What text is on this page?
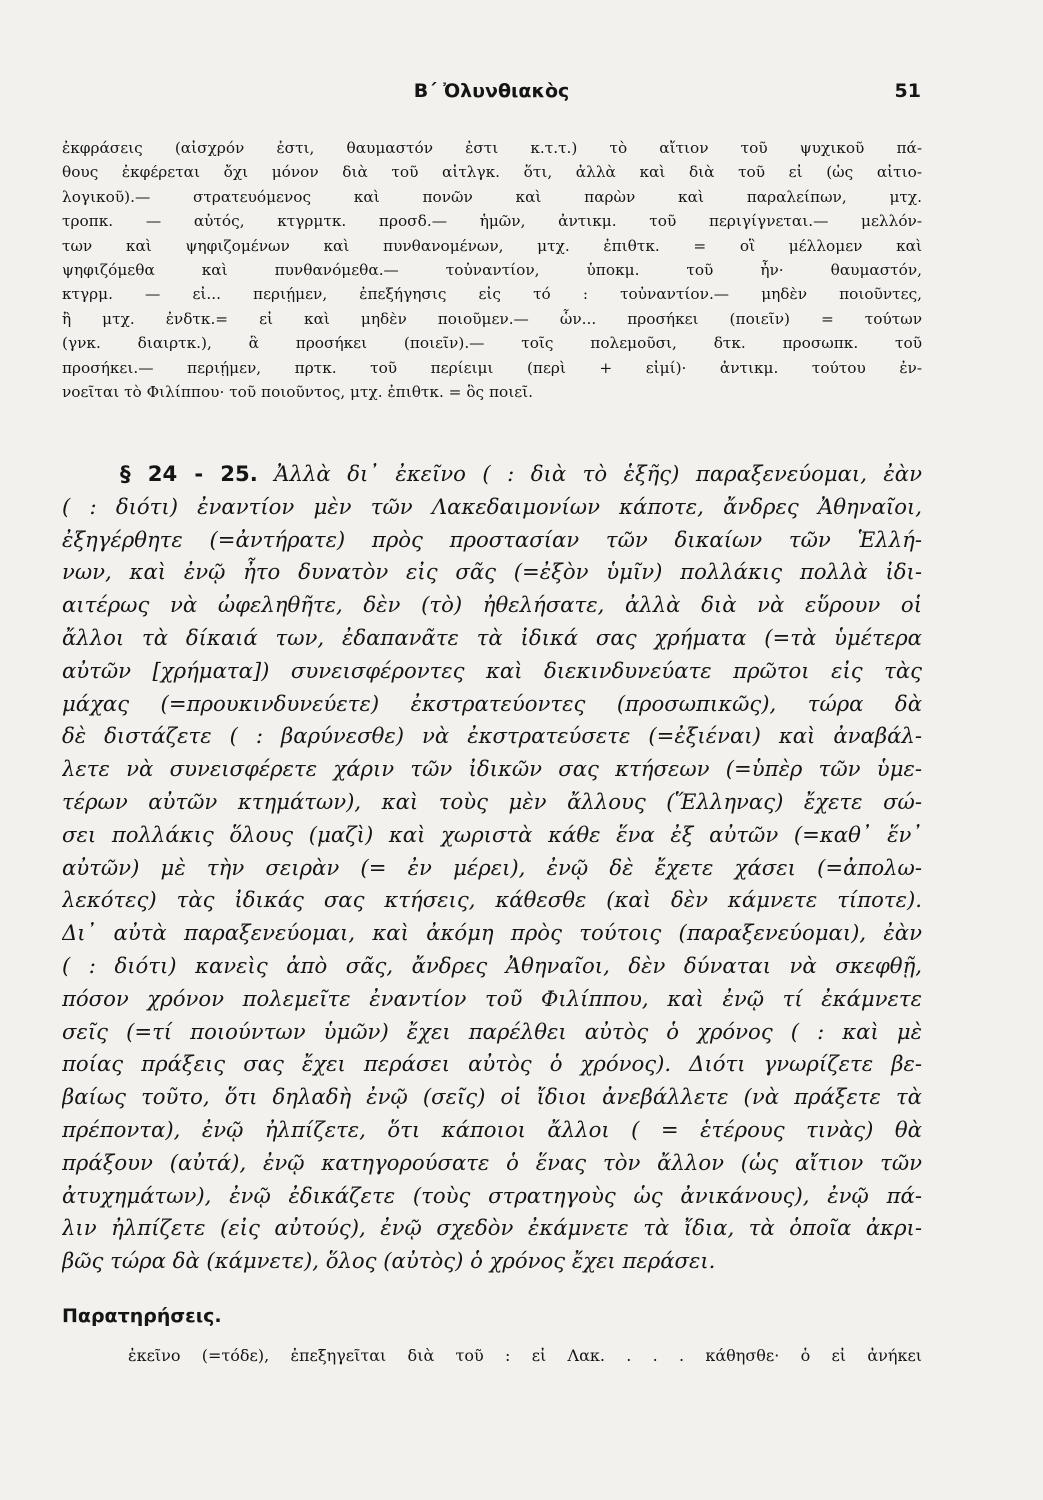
Β΄ Ὀλυνθιακὸς	51
ἐκφράσεις (αἰσχρόν ἐστι, θαυμαστόν ἐστι κ.τ.τ.) τὸ αἴτιον τοῦ ψυχικοῦ πά-
θους ἐκφέρεται ὄχι μόνον διὰ τοῦ αἰτλγκ. ὅτι, ἀλλὰ καὶ διὰ τοῦ εἰ (ὡς αἰτιο-
λογικοῦ).— στρατευόμενος καὶ πονῶν καὶ παρὼν καὶ παραλείπων, μτχ.
τροπκ. — αὐτός, κτγρμτκ. προσδ.— ἡμῶν, ἀντικμ. τοῦ περιγίγνεται.— μελλόν-
των καὶ ψηφιζομένων καὶ πυνθανομένων, μτχ. ἐπιθτκ. = οἳ μέλλομεν καὶ
ψηφιζόμεθα καὶ πυνθανόμεθα.— τοὐναντίον, ὑποκμ. τοῦ ἦν· θαυμαστόν,
κτγρμ. — εἰ... περιῄμεν, ἐπεξήγησις εἰς τό : τοὐναντίον.— μηδὲν ποιοῦντες,
ἢ μτχ. ἐνδτκ.= εἰ καὶ μηδὲν ποιοῦμεν.— ὧν... προσήκει (ποιεῖν) = τούτων
(γνκ. διαιρτκ.), ἃ προσήκει (ποιεῖν).— τοῖς πολεμοῦσι, δτκ. προσωπκ. τοῦ
προσήκει.— περιῄμεν, πρτκ. τοῦ περίειμι (περὶ + εἰμί)· ἀντικμ. τούτου ἐν-
νοεῖται τὸ Φιλίππου· τοῦ ποιοῦντος, μτχ. ἐπιθτκ. = ὃς ποιεῖ.
§ 24 - 25. Ἀλλὰ δι᾽ ἐκεῖνο ( : διὰ τὸ ἑξῆς) παραξενεύομαι, ἐὰν
( : διότι) ἐναντίον μὲν τῶν Λακεδαιμονίων κάποτε, ἄνδρες Ἀθηναῖοι,
ἐξηγέρθητε (=ἀντήρατε) πρὸς προστασίαν τῶν δικαίων τῶν Ἑλλή-
νων, καὶ ἐνῷ ἦτο δυνατὸν εἰς σᾶς (=ἐξὸν ὑμῖν) πολλάκις πολλὰ ἰδι-
αιτέρως νὰ ὠφεληθῆτε, δὲν (τὸ) ἠθελήσατε, ἀλλὰ διὰ νὰ εὕρουν οἱ
ἄλλοι τὰ δίκαιά των, ἐδαπανᾶτε τὰ ἰδικά σας χρήματα (=τὰ ὑμέτερα
αὐτῶν [χρήματα]) συνεισφέροντες καὶ διεκινδυνεύατε πρῶτοι εἰς τὰς
μάχας (=προυκινδυνεύετε) ἐκστρατεύοντες (προσωπικῶς), τώρα δὰ
δὲ διστάζετε ( : βαρύνεσθε) νὰ ἐκστρατεύσετε (=ἐξιέναι) καὶ ἀναβάλ-
λετε νὰ συνεισφέρετε χάριν τῶν ἰδικῶν σας κτήσεων (=ὑπὲρ τῶν ὑμε-
τέρων αὐτῶν κτημάτων), καὶ τοὺς μὲν ἄλλους (Ἕλληνας) ἔχετε σώ-
σει πολλάκις ὅλους (μαζὶ) καὶ χωριστὰ κάθε ἕνα ἐξ αὐτῶν (=καθ᾽ ἕν᾽
αὐτῶν) μὲ τὴν σειρὰν (= ἐν μέρει), ἐνῷ δὲ ἔχετε χάσει (=ἀπολω-
λεκότες) τὰς ἰδικάς σας κτήσεις, κάθεσθε (καὶ δὲν κάμνετε τίποτε).
Δι᾽ αὐτὰ παραξενεύομαι, καὶ ἀκόμη πρὸς τούτοις (παραξενεύομαι), ἐὰν
( : διότι) κανεὶς ἀπὸ σᾶς, ἄνδρες Ἀθηναῖοι, δὲν δύναται νὰ σκεφθῇ,
πόσον χρόνον πολεμεῖτε ἐναντίον τοῦ Φιλίππου, καὶ ἐνῷ τί ἐκάμνετε
σεῖς (=τί ποιούντων ὑμῶν) ἔχει παρέλθει αὐτὸς ὁ χρόνος ( : καὶ μὲ
ποίας πράξεις σας ἔχει περάσει αὐτὸς ὁ χρόνος). Διότι γνωρίζετε βε-
βαίως τοῦτο, ὅτι δηλαδὴ ἐνῷ (σεῖς) οἱ ἴδιοι ἀνεβάλλετε (νὰ πράξετε τὰ
πρέποντα), ἐνῷ ἠλπίζετε, ὅτι κάποιοι ἄλλοι ( = ἑτέρους τινὰς) θὰ
πράξουν (αὐτά), ἐνῷ κατηγορούσατε ὁ ἕνας τὸν ἄλλον (ὡς αἴτιον τῶν
ἀτυχημάτων), ἐνῷ ἐδικάζετε (τοὺς στρατηγοὺς ὡς ἀνικάνους), ἐνῷ πά-
λιν ἠλπίζετε (εἰς αὐτούς), ἐνῷ σχεδὸν ἐκάμνετε τὰ ἴδια, τὰ ὁποῖα ἀκρι-
βῶς τώρα δὰ (κάμνετε), ὅλος (αὐτὸς) ὁ χρόνος ἔχει περάσει.
Παρατηρήσεις.
ἐκεῖνο (=τόδε), ἐπεξηγεῖται διὰ τοῦ : εἰ Λακ. . . . κάθησθε· ὁ εἰ ἀνήκει
